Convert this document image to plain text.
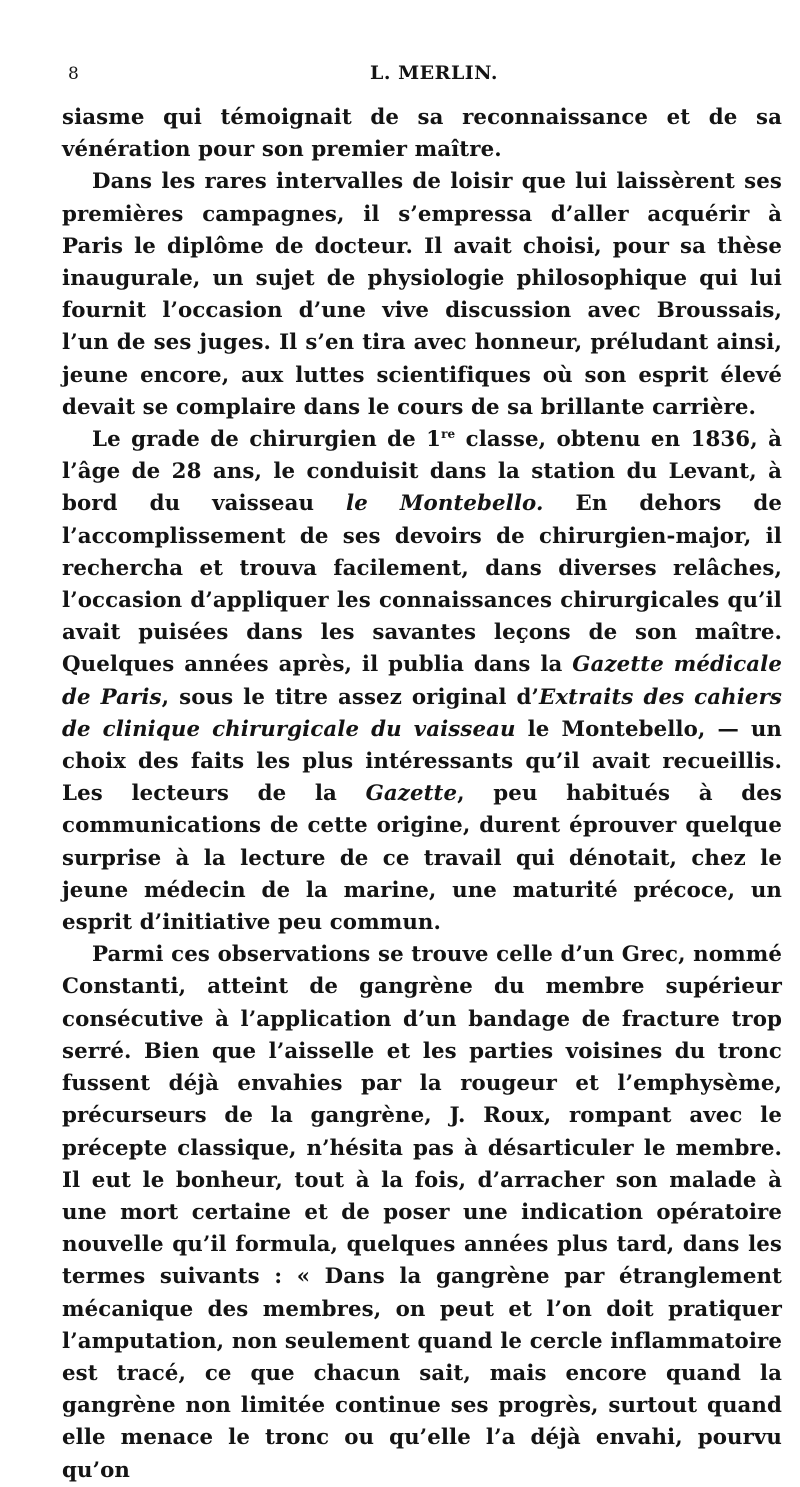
8	L. MERLIN.

siasme qui témoignait de sa reconnaissance et de sa vénération pour son premier maître.

Dans les rares intervalles de loisir que lui laissèrent ses premières campagnes, il s’empressa d’aller acquérir à Paris le diplôme de docteur. Il avait choisi, pour sa thèse inaugurale, un sujet de physiologie philosophique qui lui fournit l’occasion d’une vive discussion avec Broussais, l’un de ses juges. Il s’en tira avec honneur, préludant ainsi, jeune encore, aux luttes scientifiques où son esprit élevé devait se complaire dans le cours de sa brillante carrière.

Le grade de chirurgien de 1re classe, obtenu en 1836, à l’âge de 28 ans, le conduisit dans la station du Levant, à bord du vaisseau le Montebello. En dehors de l’accomplissement de ses devoirs de chirurgien-major, il rechercha et trouva facilement, dans diverses relâches, l’occasion d’appliquer les connaissances chirurgicales qu’il avait puisées dans les savantes leçons de son maître. Quelques années après, il publia dans la Gazette médicale de Paris, sous le titre assez original d’Extraits des cahiers de clinique chirurgicale du vaisseau le Montebello, — un choix des faits les plus intéressants qu’il avait recueillis. Les lecteurs de la Gazette, peu habitués à des communications de cette origine, durent éprouver quelque surprise à la lecture de ce travail qui dénotait, chez le jeune médecin de la marine, une maturité précoce, un esprit d’initiative peu commun.

Parmi ces observations se trouve celle d’un Grec, nommé Constanti, atteint de gangrène du membre supérieur consécutive à l’application d’un bandage de fracture trop serré. Bien que l’aisselle et les parties voisines du tronc fussent déjà envahies par la rougeur et l’emphysème, précurseurs de la gangrène, J. Roux, rompant avec le précepte classique, n’hésita pas à désarticuler le membre. Il eut le bonheur, tout à la fois, d’arracher son malade à une mort certaine et de poser une indication opératoire nouvelle qu’il formula, quelques années plus tard, dans les termes suivants : « Dans la gangrène par étranglement mécanique des membres, on peut et l’on doit pratiquer l’amputation, non seulement quand le cercle inflammatoire est tracé, ce que chacun sait, mais encore quand la gangrène non limitée continue ses progrès, surtout quand elle menace le tronc ou qu’elle l’a déjà envahi, pourvu qu’on
